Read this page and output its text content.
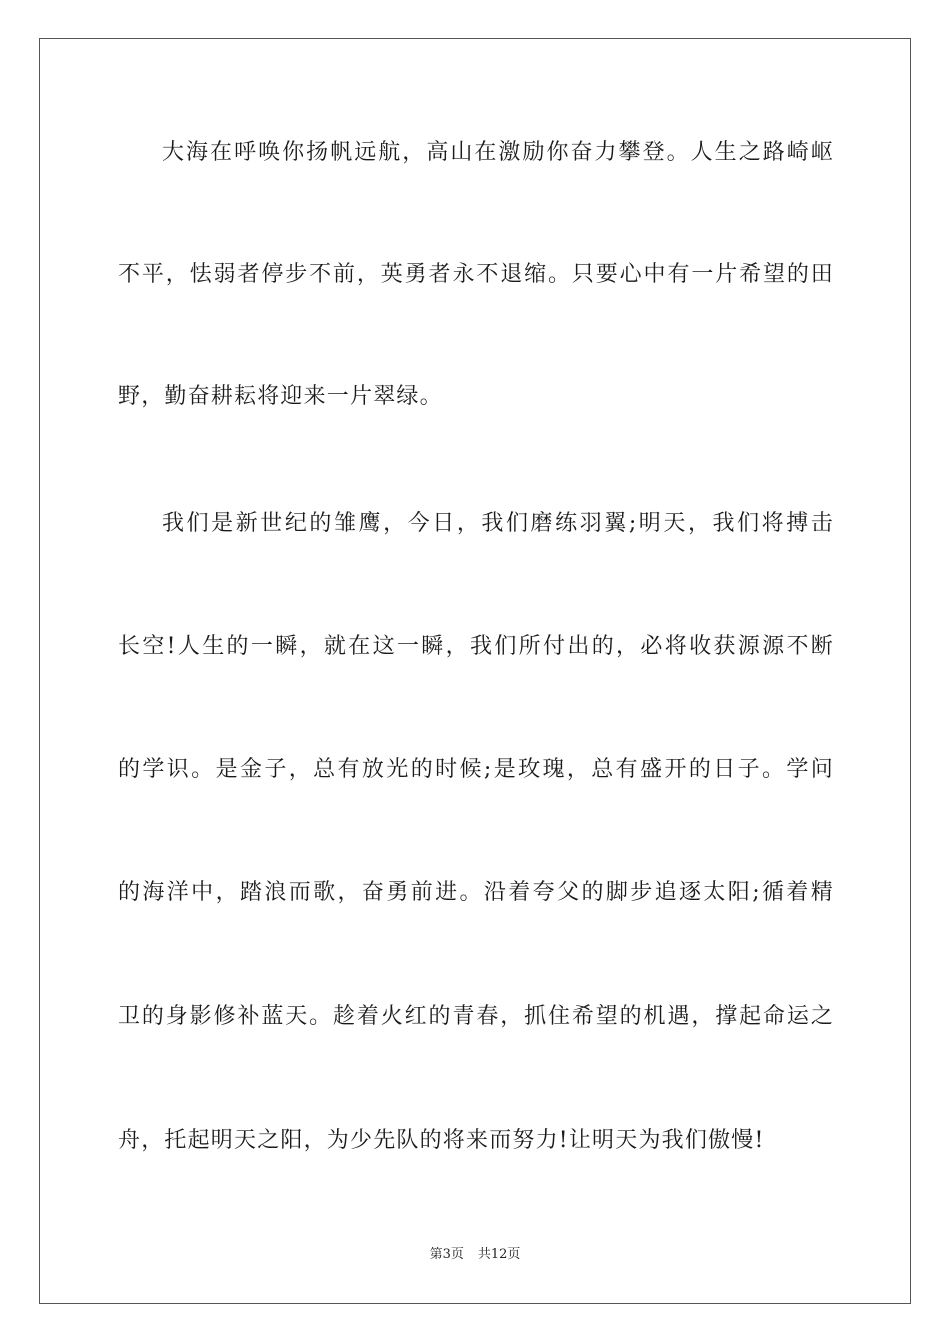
大海在呼唤你扬帆远航，高山在激励你奋力攀登。人生之路崎岖
不平，怯弱者停步不前，英勇者永不退缩。只要心中有一片希望的田
野，勤奋耕耘将迎来一片翠绿。
我们是新世纪的雏鹰，今日，我们磨练羽翼;明天，我们将搏击
长空!人生的一瞬，就在这一瞬，我们所付出的，必将收获源源不断
的学识。是金子，总有放光的时候;是玫瑰，总有盛开的日子。学问
的海洋中，踏浪而歌，奋勇前进。沿着夸父的脚步追逐太阳;循着精
卫的身影修补蓝天。趁着火红的青春，抓住希望的机遇，撑起命运之
舟，托起明天之阳，为少先队的将来而努力!让明天为我们傲慢!
第3页 共12页
